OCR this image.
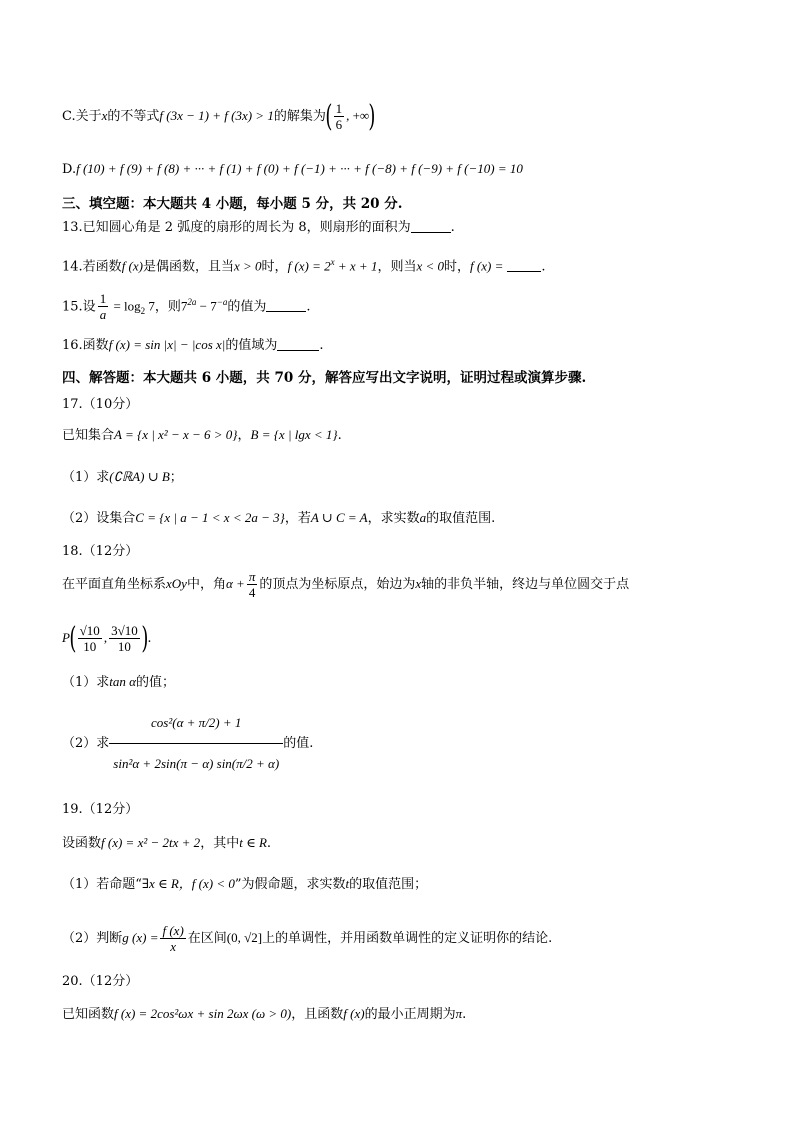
C.关于x的不等式f (3x − 1) + f (3x) > 1的解集为( $\frac{1}{6}$ , +∞)
D.f (10) + f (9) + f (8) + ··· + f (1) + f (0) + f (−1) + ··· + f (−8) + f (−9) + f (−10) = 10
三、填空题：本大题共 4 小题，每小题 5 分，共 20 分.
13.已知圆心角是 2 弧度的扇形的周长为 8，则扇形的面积为	.
14.若函数f (x)是偶函数，且当x > 0时，f $(x) = 2^x + x + 1$，则当x < 0时，f (x) =	.
15.设 $\frac{1}{a} = \log_2 7$，则$7^{2a} - 7^{-a}$的值为	.
16.函数f (x) = sin |x| − |cos x|的值域为	.
四、解答题：本大题共 6 小题，共 70 分，解答应写出文字说明，证明过程或演算步骤.
17.（10分）
已知集合A = {x | x² − x − 6 > 0}，B = {x | lgx < 1}.
（1）求(∁ℝA) ∪ B；
（2）设集合C = {x | a − 1 < x < 2a − 3}，若A ∪ C = A，求实数a的取值范围.
18.（12分）
在平面直角坐标系xOy中，角$\alpha + \frac{\pi}{4}$ 的顶点为坐标原点，始边为x轴的非负半轴，终边与单位圆交于点
$P( \frac{√10}{10}$ , $\frac{3√10}{10}$ ).
（1）求tan α的值；
（2）求 $\frac{\text{cos²(α + π/2) + 1}}{\text{sin²α + 2sin(π − α) sin(π/2 + α)}}$ 的值.
19.（12分）
设函数f (x) = x² − 2tx + 2，其中t ∈ R.
（1）若命题“∃x ∈ R，f (x) < 0”为假命题，求实数t的取值范围；
（2）判断g $(x) = \frac{f (x)}{x}$ 在区间(0, √2]上的单调性，并用函数单调性的定义证明你的结论.
20.（12分）
已知函数f (x) = 2cos²ωx + sin 2ωx (ω > 0)，且函数f (x)的最小正周期为π.
